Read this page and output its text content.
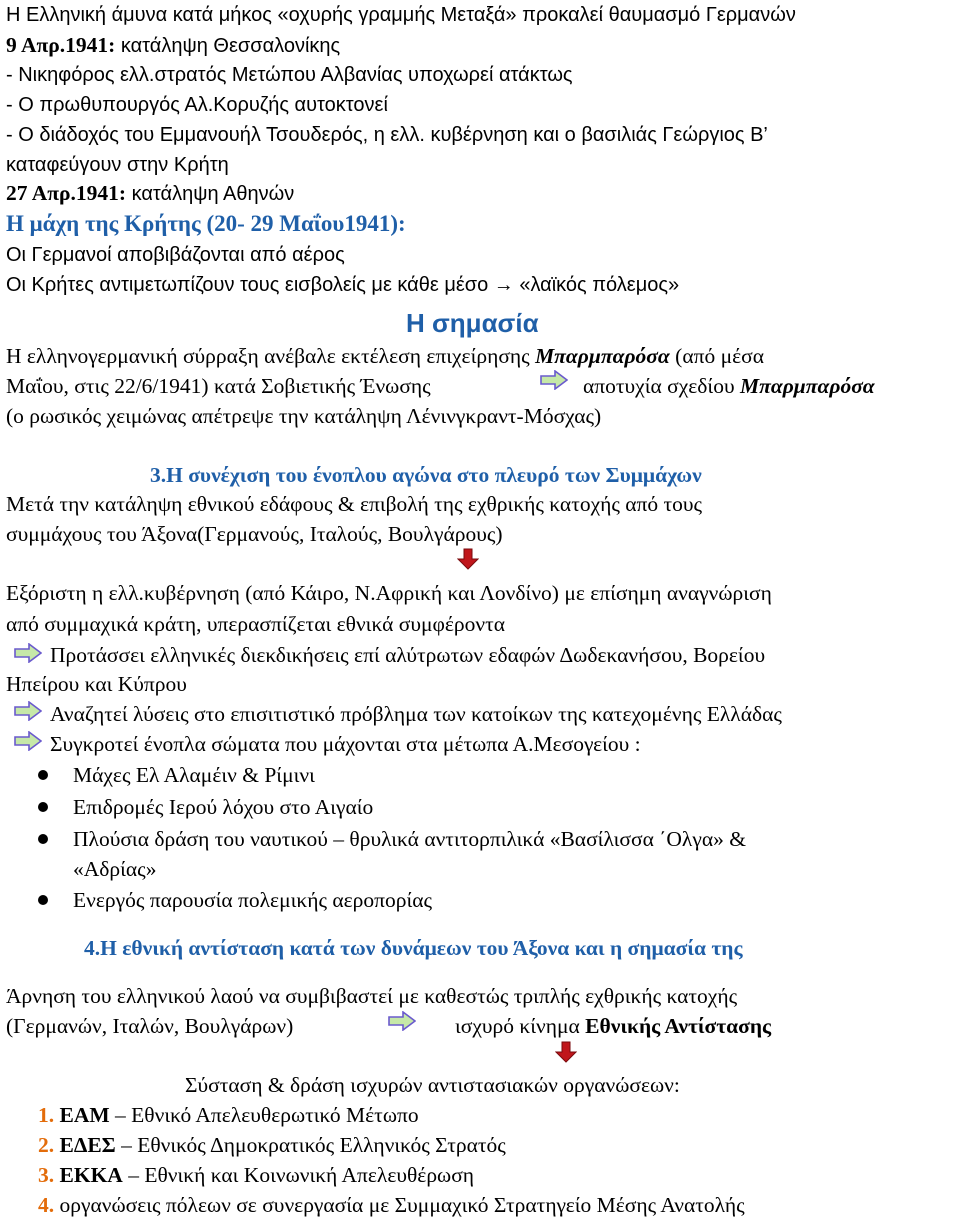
Η Ελληνική άμυνα κατά μήκος «οχυρής γραμμής Μεταξά» προκαλεί θαυμασμό Γερμανών
9 Απρ.1941: κατάληψη Θεσσαλονίκης
- Νικηφόρος ελλ.στρατός Μετώπου Αλβανίας υποχωρεί ατάκτως
- Ο πρωθυπουργός Αλ.Κορυζής αυτοκτονεί
- Ο διάδοχός του Εμμανουήλ Τσουδερός, η ελλ. κυβέρνηση και ο βασιλιάς Γεώργιος Β’
καταφεύγουν στην Κρήτη
27 Απρ.1941: κατάληψη Αθηνών
Η μάχη της Κρήτης (20- 29 Μαΐου1941):
Οι Γερμανοί αποβιβάζονται από αέρος
Οι Κρήτες αντιμετωπίζουν τους εισβολείς με κάθε μέσο → «λαϊκός πόλεμος»
Η σημασία
Η ελληνογερμανική σύρραξη ανέβαλε εκτέλεση επιχείρησης Μπαρμπαρόσα (από μέσα
Μαΐου, στις 22/6/1941) κατά Σοβιετικής Ένωσης	αποτυχία σχεδίου Μπαρμπαρόσα
(ο ρωσικός χειμώνας απέτρεψε την κατάληψη Λένινγκραντ-Μόσχας)
3.Η συνέχιση του ένοπλου αγώνα στο πλευρό των Συμμάχων
Μετά την κατάληψη εθνικού εδάφους & επιβολή της εχθρικής κατοχής από τους
συμμάχους του Άξονα(Γερμανούς, Ιταλούς, Βουλγάρους)
Εξόριστη η ελλ.κυβέρνηση (από Κάιρο, Ν.Αφρική και Λονδίνο) με επίσημη αναγνώριση
από συμμαχικά κράτη, υπερασπίζεται εθνικά συμφέροντα
Προτάσσει ελληνικές διεκδικήσεις επί αλύτρωτων εδαφών Δωδεκανήσου, Βορείου
Ηπείρου και Κύπρου
Αναζητεί λύσεις στο επισιτιστικό πρόβλημα των κατοίκων της κατεχομένης Ελλάδας
Συγκροτεί ένοπλα σώματα που μάχονται στα μέτωπα Α.Μεσογείου :
Μάχες Ελ Αλαμέιν & Ρίμινι
Επιδρομές Ιερού λόχου στο Αιγαίο
Πλούσια δράση του ναυτικού – θρυλικά αντιτορπιλικά «Βασίλισσα ΄Ολγα» &
«Αδρίας»
Ενεργός παρουσία πολεμικής αεροπορίας
4.Η εθνική αντίσταση κατά των δυνάμεων του Άξονα και η σημασία της
Άρνηση του ελληνικού λαού να συμβιβαστεί με καθεστώς τριπλής εχθρικής κατοχής
(Γερμανών, Ιταλών, Βουλγάρων)	ισχυρό κίνημα Εθνικής Αντίστασης
Σύσταση & δράση ισχυρών αντιστασιακών οργανώσεων:
1. ΕΑΜ – Εθνικό Απελευθερωτικό Μέτωπο
2. ΕΔΕΣ – Εθνικός Δημοκρατικός Ελληνικός Στρατός
3. ΕΚΚΑ – Εθνική και Κοινωνική Απελευθέρωση
4. οργανώσεις πόλεων σε συνεργασία με Συμμαχικό Στρατηγείο Μέσης Ανατολής
